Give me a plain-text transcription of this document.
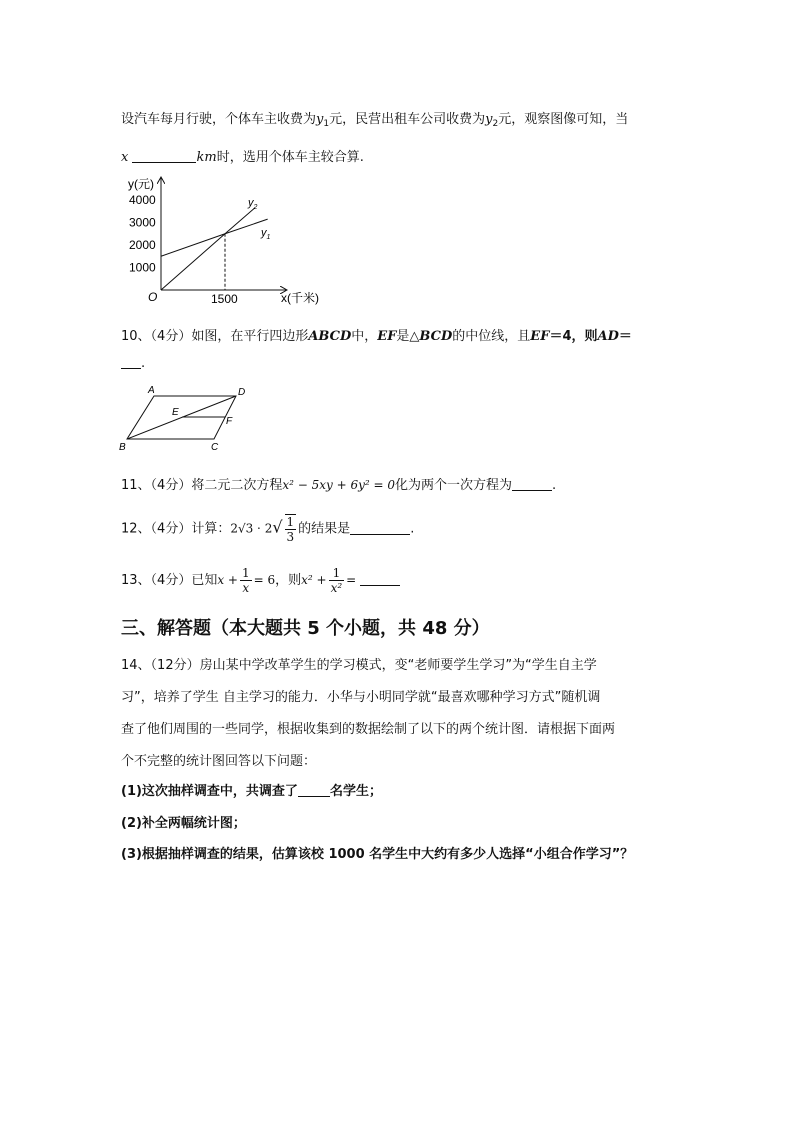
设汽车每月行驶，个体车主收费为$y_1$元，民营出租车公司收费为$y_2$元，观察图像可知，当
x	km时，选用个体车主较合算.
y(元)
x(千米)
O
1000
2000
3000
4000
1500
$y_2$
$y_1$
10、（4分）如图，在平行四边形ABCD中，EF是△BCD的中位线，且EF＝4，则AD＝
.
A	D
B	C
E
F
11、（4分）将二元二次方程x² − 5xy + 6y² = 0化为两个一次方程为	.
12、（4分）计算：$2√3 \cdot 2√ \frac{1}{3}$ 的结果是	.
13、（4分）已知$x + \frac{1}{x} = 6$，则$x^2 + \frac{1}{\text{x²}}$ =
三、解答题（本大题共 5 个小题，共 48 分）
14、（12分）房山某中学改革学生的学习模式，变“老师要学生学习”为“学生自主学
习”，培养了学生 自主学习的能力．小华与小明同学就“最喜欢哪种学习方式”随机调
查了他们周围的一些同学，根据收集到的数据绘制了以下的两个统计图．请根据下面两
个不完整的统计图回答以下问题：
(1)这次抽样调查中，共调查了 名学生；
(2)补全两幅统计图；
(3)根据抽样调查的结果，估算该校 1000 名学生中大约有多少人选择“小组合作学习”？
